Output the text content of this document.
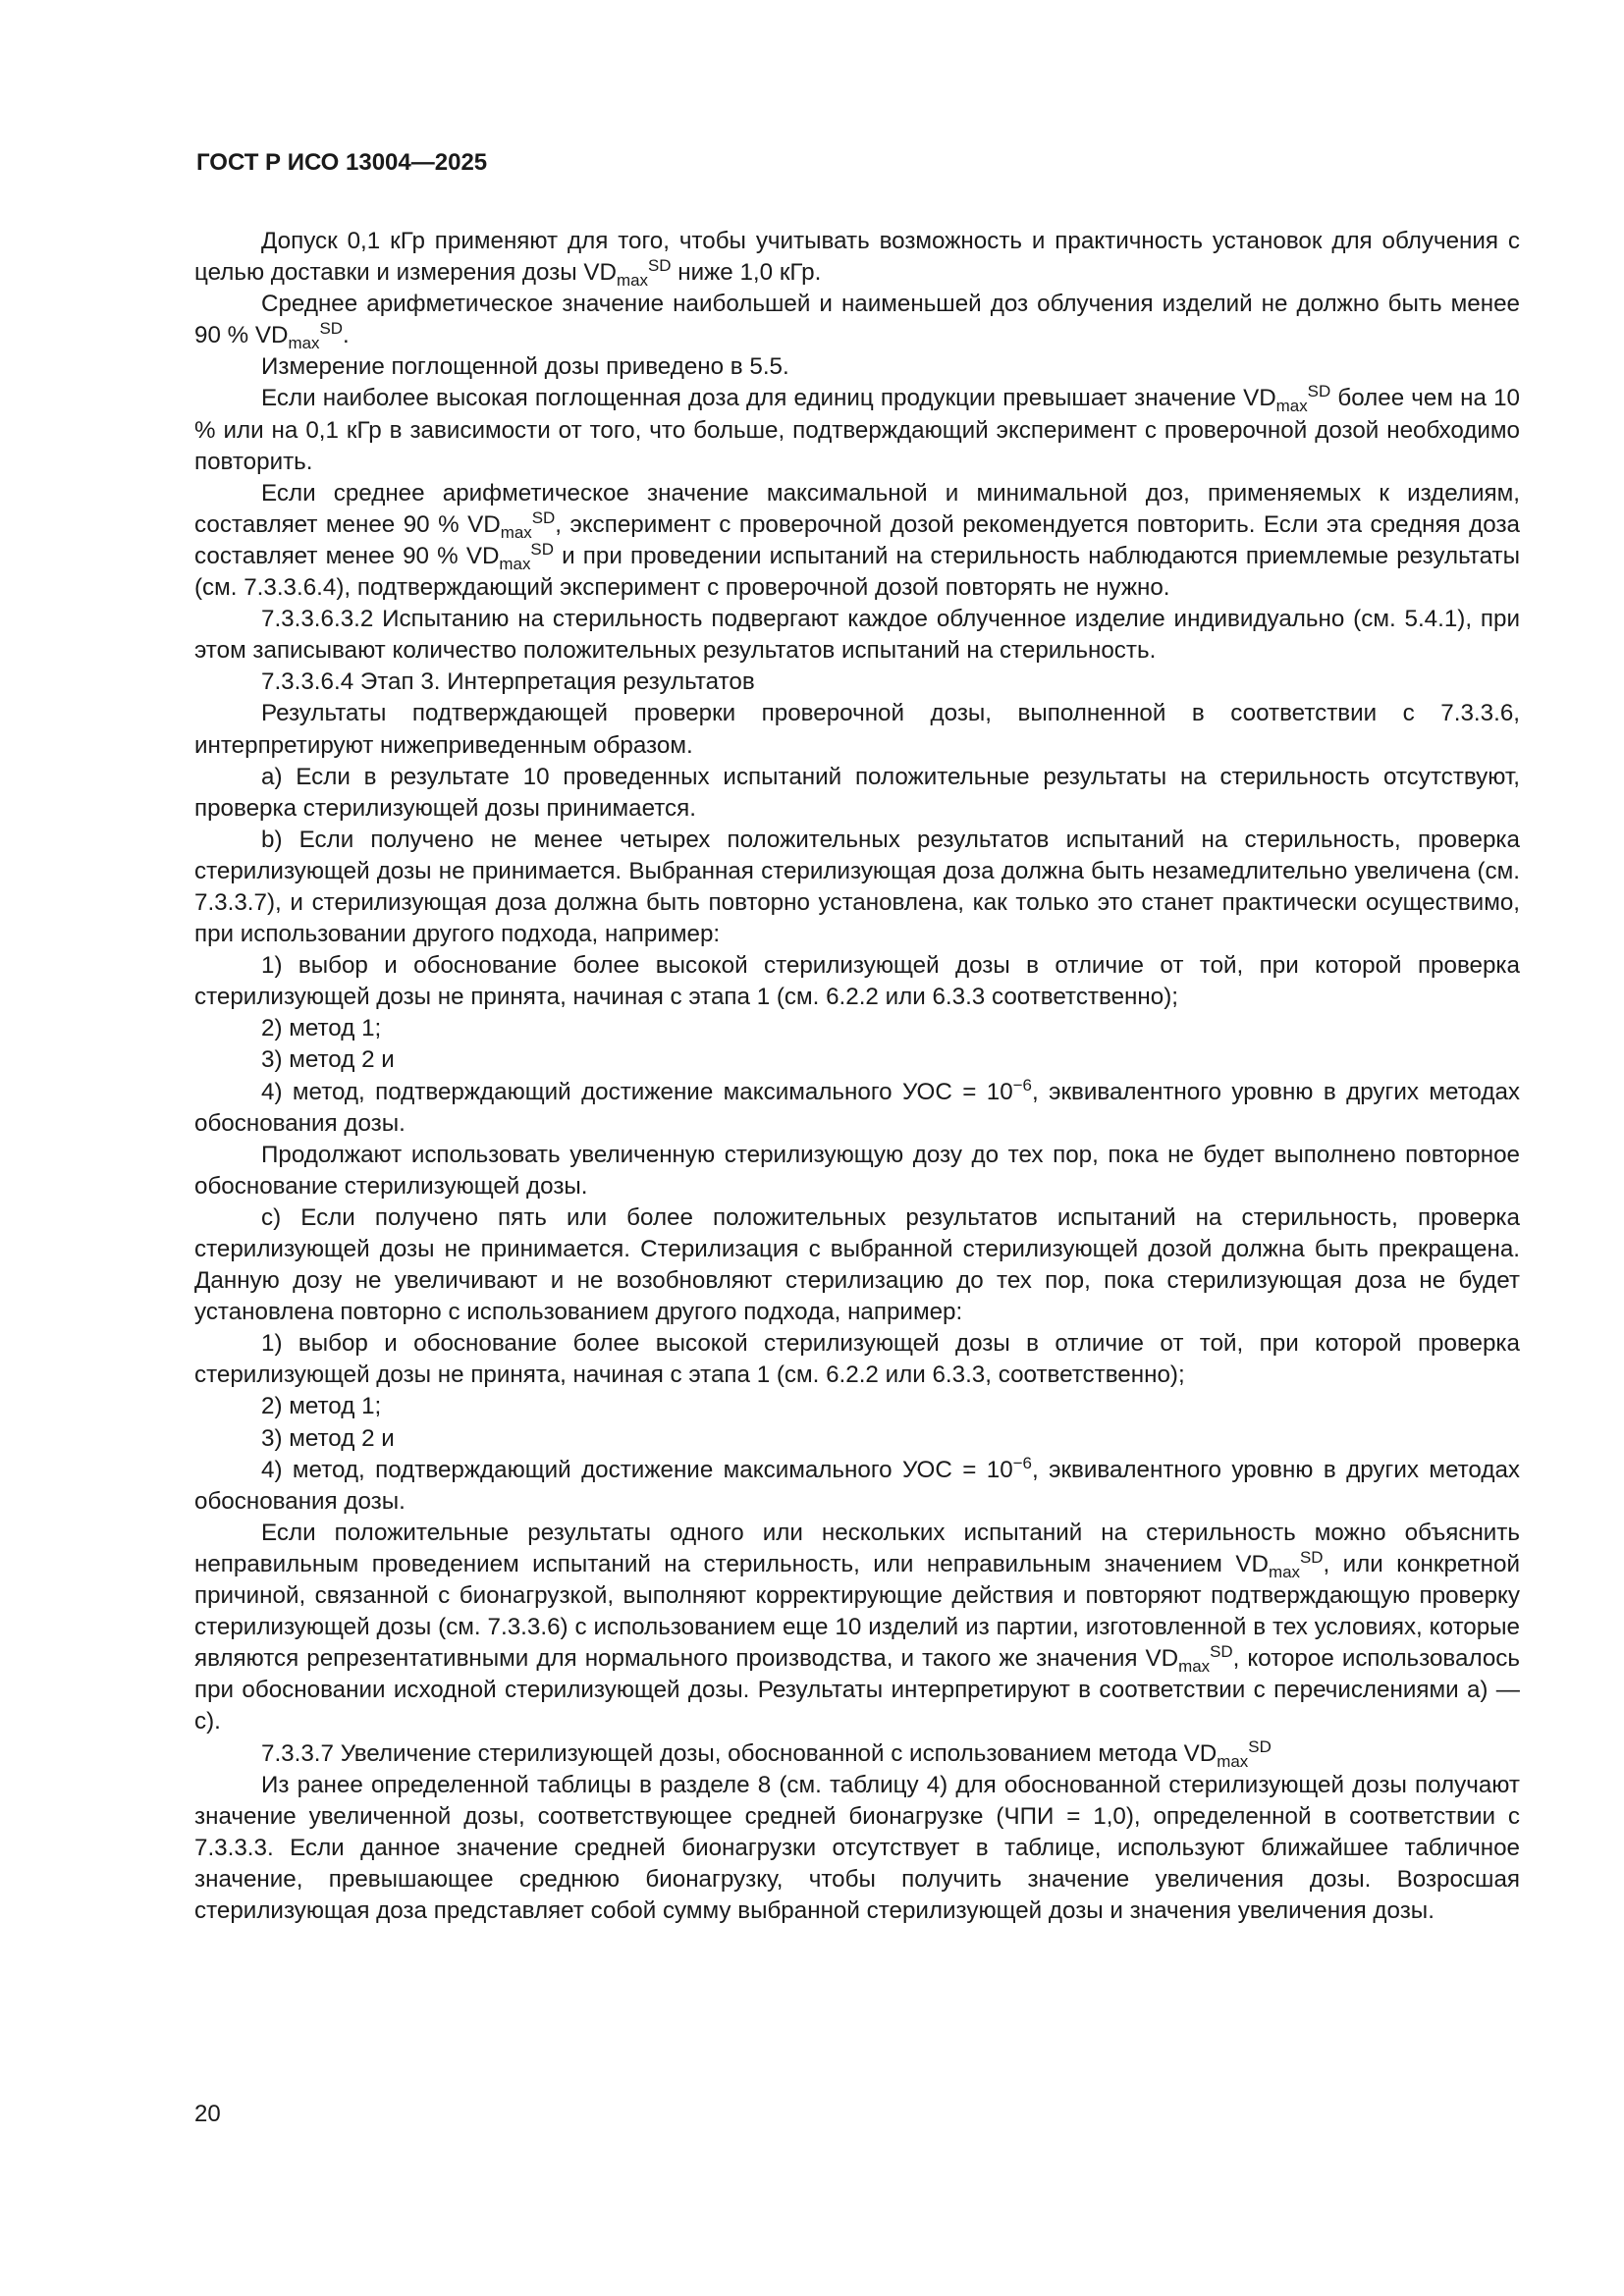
ГОСТ Р ИСО 13004—2025

Допуск 0,1 кГр применяют для того, чтобы учитывать возможность и практичность установок для облучения с целью доставки и измерения дозы $VD_{max}^{SD}$ ниже 1,0 кГр.

Среднее арифметическое значение наибольшей и наименьшей доз облучения изделий не должно быть менее 90 % $VD_{max}^{SD}$.

Измерение поглощенной дозы приведено в 5.5.

Если наиболее высокая поглощенная доза для единиц продукции превышает значение $VD_{max}^{SD}$ более чем на 10 % или на 0,1 кГр в зависимости от того, что больше, подтверждающий эксперимент с проверочной дозой необходимо повторить.

Если среднее арифметическое значение максимальной и минимальной доз, применяемых к изделиям, составляет менее 90 % $VD_{max}^{SD}$, эксперимент с проверочной дозой рекомендуется повторить. Если эта средняя доза составляет менее 90 % $VD_{max}^{SD}$ и при проведении испытаний на стерильность наблюдаются приемлемые результаты (см. 7.3.3.6.4), подтверждающий эксперимент с проверочной дозой повторять не нужно.

7.3.3.6.3.2 Испытанию на стерильность подвергают каждое облученное изделие индивидуально (см. 5.4.1), при этом записывают количество положительных результатов испытаний на стерильность.

7.3.3.6.4 Этап 3. Интерпретация результатов

Результаты подтверждающей проверки проверочной дозы, выполненной в соответствии с 7.3.3.6, интерпретируют нижеприведенным образом.

а) Если в результате 10 проведенных испытаний положительные результаты на стерильность отсутствуют, проверка стерилизующей дозы принимается.

b) Если получено не менее четырех положительных результатов испытаний на стерильность, проверка стерилизующей дозы не принимается. Выбранная стерилизующая доза должна быть незамедлительно увеличена (см. 7.3.3.7), и стерилизующая доза должна быть повторно установлена, как только это станет практически осуществимо, при использовании другого подхода, например:

1) выбор и обоснование более высокой стерилизующей дозы в отличие от той, при которой проверка стерилизующей дозы не принята, начиная с этапа 1 (см. 6.2.2 или 6.3.3 соответственно);

2) метод 1;

3) метод 2 и

4) метод, подтверждающий достижение максимального УОС = $10^{-6}$, эквивалентного уровню в других методах обоснования дозы.

Продолжают использовать увеличенную стерилизующую дозу до тех пор, пока не будет выполнено повторное обоснование стерилизующей дозы.

с) Если получено пять или более положительных результатов испытаний на стерильность, проверка стерилизующей дозы не принимается. Стерилизация с выбранной стерилизующей дозой должна быть прекращена. Данную дозу не увеличивают и не возобновляют стерилизацию до тех пор, пока стерилизующая доза не будет установлена повторно с использованием другого подхода, например:

1) выбор и обоснование более высокой стерилизующей дозы в отличие от той, при которой проверка стерилизующей дозы не принята, начиная с этапа 1 (см. 6.2.2 или 6.3.3, соответственно);

2) метод 1;

3) метод 2 и

4) метод, подтверждающий достижение максимального УОС = $10^{-6}$, эквивалентного уровню в других методах обоснования дозы.

Если положительные результаты одного или нескольких испытаний на стерильность можно объяснить неправильным проведением испытаний на стерильность, или неправильным значением $VD_{max}^{SD}$, или конкретной причиной, связанной с бионагрузкой, выполняют корректирующие действия и повторяют подтверждающую проверку стерилизующей дозы (см. 7.3.3.6) с использованием еще 10 изделий из партии, изготовленной в тех условиях, которые являются репрезентативными для нормального производства, и такого же значения $VD_{max}^{SD}$, которое использовалось при обосновании исходной стерилизующей дозы. Результаты интерпретируют в соответствии с перечислениями а) — с).

7.3.3.7 Увеличение стерилизующей дозы, обоснованной с использованием метода $VD_{max}^{SD}$

Из ранее определенной таблицы в разделе 8 (см. таблицу 4) для обоснованной стерилизующей дозы получают значение увеличенной дозы, соответствующее средней бионагрузке (ЧПИ = 1,0), определенной в соответствии с 7.3.3.3. Если данное значение средней бионагрузки отсутствует в таблице, используют ближайшее табличное значение, превышающее среднюю бионагрузку, чтобы получить значение увеличения дозы. Возросшая стерилизующая доза представляет собой сумму выбранной стерилизующей дозы и значения увеличения дозы.

20
